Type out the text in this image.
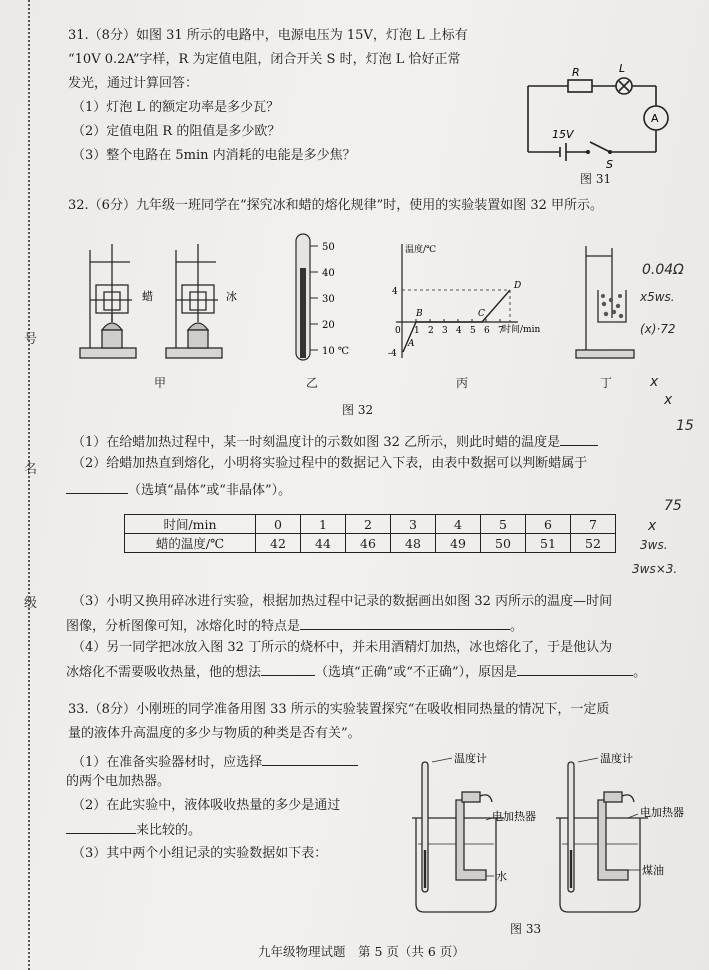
号
名
级
31.（8分）如图 31 所示的电路中，电源电压为 15V，灯泡 L 上标有
“10V 0.2A”字样，R 为定值电阻，闭合开关 S 时，灯泡 L 恰好正常
发光，通过计算回答：
（1）灯泡 L 的额定功率是多少瓦？
（2）定值电阻 R 的阻值是多少欧？
（3）整个电路在 5min 内消耗的电能是多少焦？
R	L
A
15V
S
图 31
32.（6分）九年级一班同学在“探究冰和蜡的熔化规律”时，使用的实验装置如图 32 甲所示。
蜡	冰
甲
50
40
30
20
10 ℃
乙
温度/℃
时间/min
4
-4
0 1 2 3 4 5 6 7
A
B	C
D
丙	丁
图 32
（1）在给蜡加热过程中，某一时刻温度计的示数如图 32 乙所示，则此时蜡的温度是
（2）给蜡加热直到熔化，小明将实验过程中的数据记入下表，由表中数据可以判断蜡属于
（选填“晶体”或“非晶体”）。
时间/min	0	1	2	3	4	5	6	7
蜡的温度/℃	42	44	46	48	49	50	51	52
（3）小明又换用碎冰进行实验，根据加热过程中记录的数据画出如图 32 丙所示的温度—时间
图像，分析图像可知，冰熔化时的特点是	。
（4）另一同学把冰放入图 32 丁所示的烧杯中，并未用酒精灯加热，冰也熔化了，于是他认为
冰熔化不需要吸收热量，他的想法	（选填“正确”或“不正确”），原因是	。
33.（8分）小刚班的同学准备用图 33 所示的实验装置探究“在吸收相同热量的情况下，一定质
量的液体升高温度的多少与物质的种类是否有关”。
（1）在准备实验器材时，应选择
的两个电加热器。
（2）在此实验中，液体吸收热量的多少是通过
来比较的。
（3）其中两个小组记录的实验数据如下表：
温度计
电加热器
水
温度计
电加热器
煤油
图 33
0.04Ω
x5ws.
(x)·72
x
x
15
75
x
3ws.
3ws×3.
九年级物理试题　第 5 页（共 6 页）
